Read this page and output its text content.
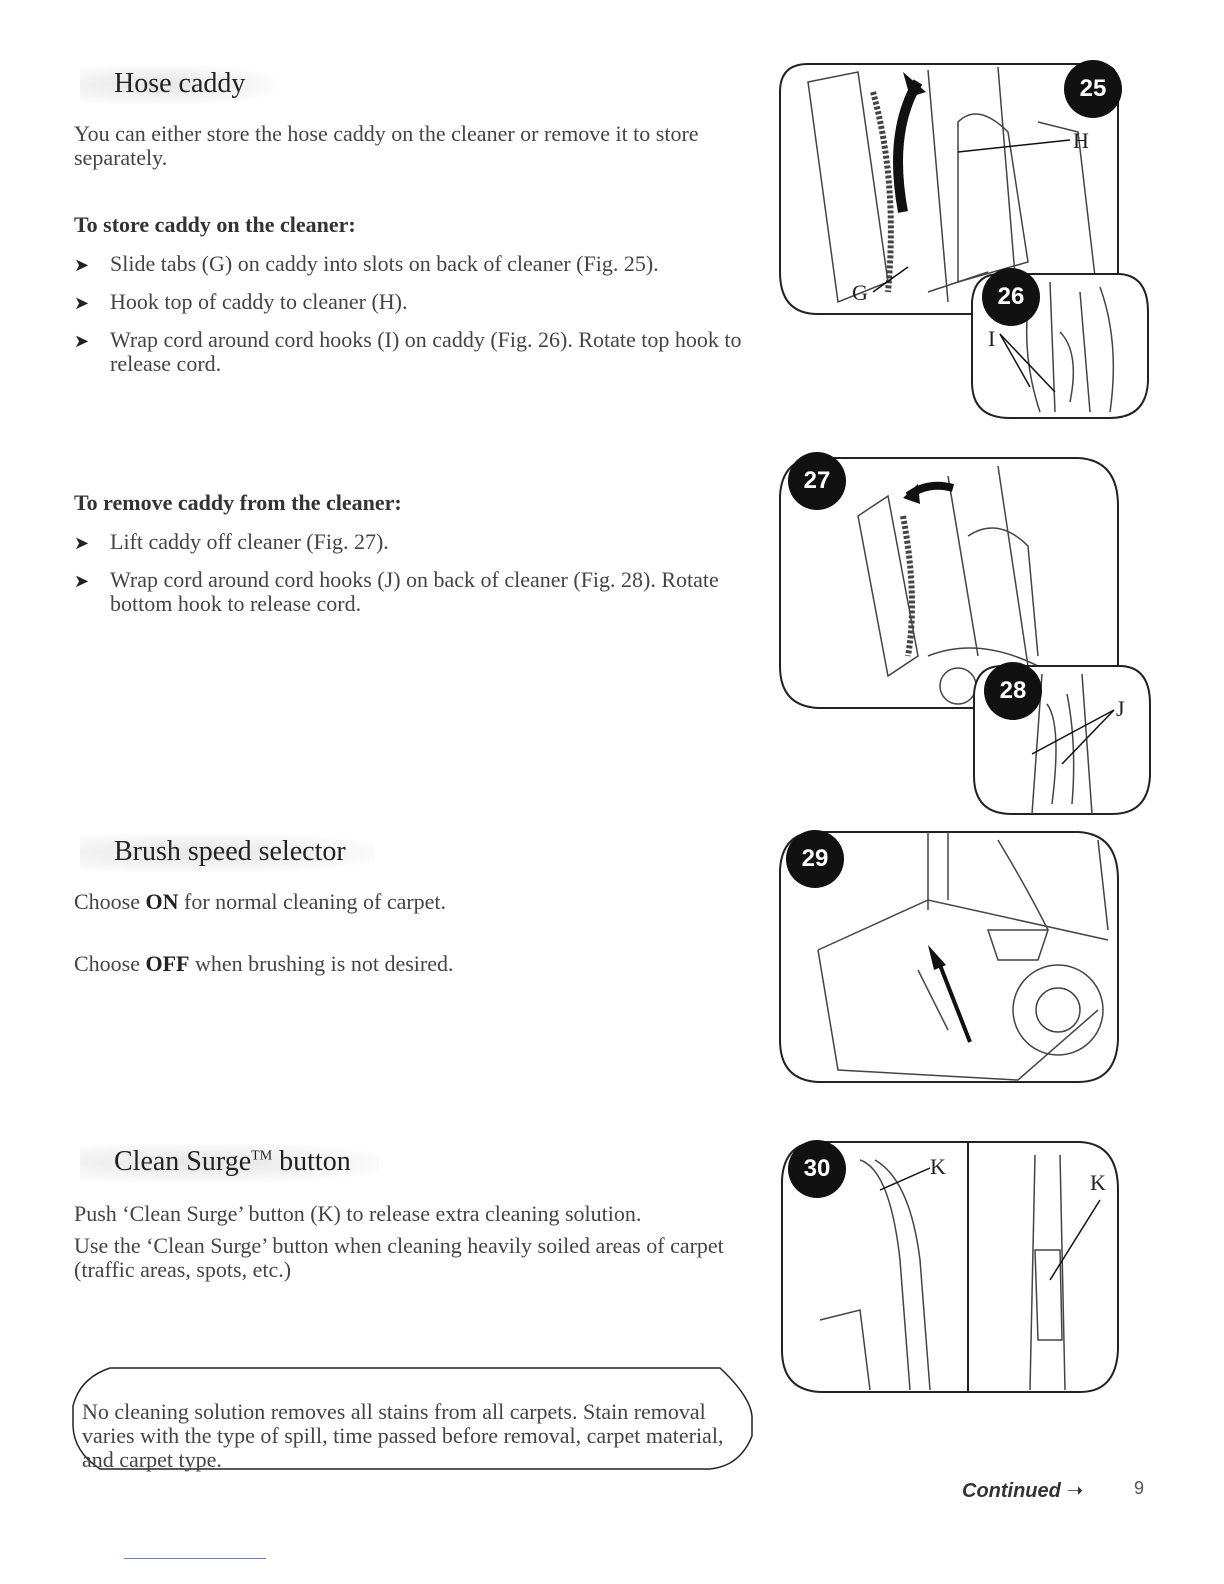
Hose caddy

You can either store the hose caddy on the cleaner or remove it to store separately.

To store caddy on the cleaner:

➤ Slide tabs (G) on caddy into slots on back of cleaner (Fig. 25).
➤ Hook top of caddy to cleaner (H).
➤ Wrap cord around cord hooks (I) on caddy (Fig. 26). Rotate top hook to release cord.

To remove caddy from the cleaner:

➤ Lift caddy off cleaner (Fig. 27).
➤ Wrap cord around cord hooks (J) on back of cleaner (Fig. 28). Rotate bottom hook to release cord.
Brush speed selector

Choose ON for normal cleaning of carpet.

Choose OFF when brushing is not desired.

Clean Surge™ button

Push ‘Clean Surge’ button (K) to release extra cleaning solution.

Use the ‘Clean Surge’ button when cleaning heavily soiled areas of carpet (traffic areas, spots, etc.)

No cleaning solution removes all stains from all carpets. Stain removal varies with the type of spill, time passed before removal, carpet material, and carpet type.

25
H
G	26
I
27
28
J
29
30	K
K
Continued ➝	9
